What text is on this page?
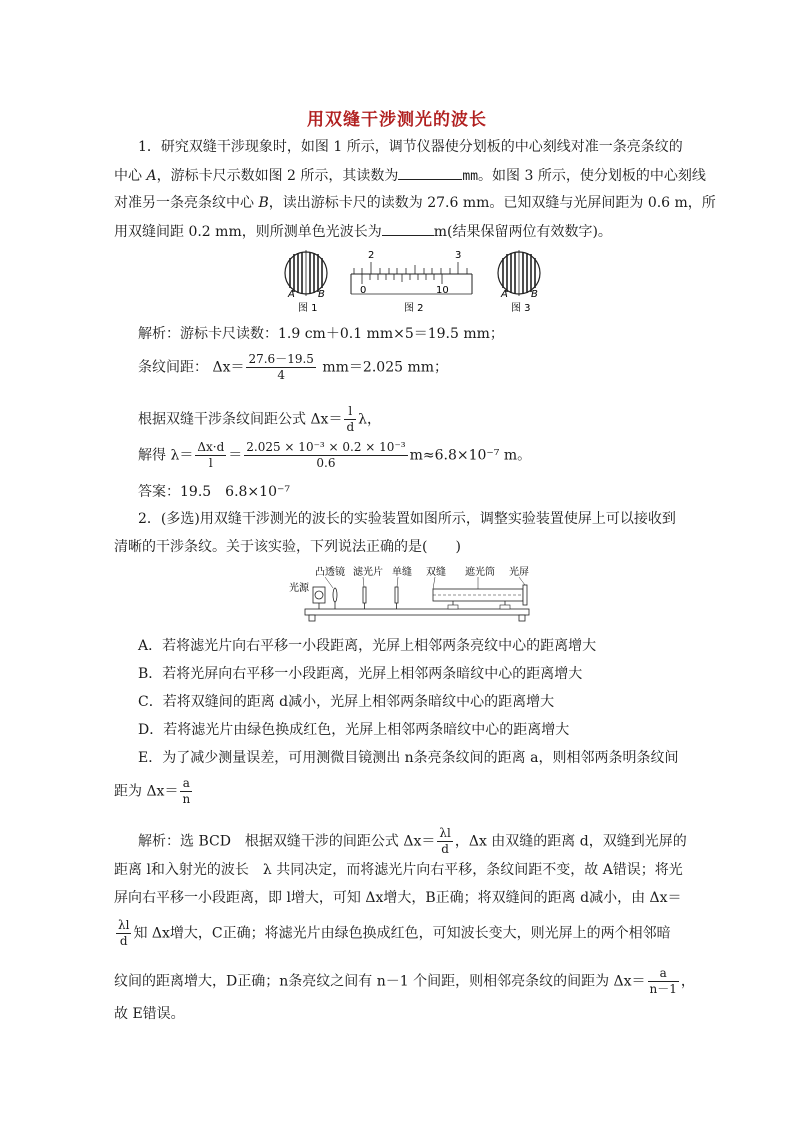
用双缝干涉测光的波长
1．研究双缝干涉现象时，如图 1 所示，调节仪器使分划板的中心刻线对准一条亮条纹的
中心 A，游标卡尺示数如图 2 所示，其读数为	mm。如图 3 所示，使分划板的中心刻线
对准另一条亮条纹中心 B，读出游标卡尺的读数为 27.6 mm。已知双缝与光屏间距为 0.6 m，所
用双缝间距 0.2 mm，则所测单色光波长为	m(结果保留两位有效数字)。
A B
图 1
2	3
0	10
图 2
A B
图 3
解析：游标卡尺读数：1.9 cm＋0.1 mm×5＝19.5 mm；
条纹间距： $\Delta x= \frac{27.6-19.5}{4} mm=2.025$ mm；
根据双缝干涉条纹间距公式 $\Delta x= \frac{l}{d}$ λ，
解得 $\lambda= \frac{\Delta x\cdot d}{l} = \frac{\text{2.025 × 10⁻³ × 0.2 × 10⁻³}}{0.6} m\approx 6.8\times 10^{-7}$ m。
答案：19.5　6.8×10⁻⁷
2．(多选)用双缝干涉测光的波长的实验装置如图所示，调整实验装置使屏上可以接收到
清晰的干涉条纹。关于该实验，下列说法正确的是(　　)
光源
凸透镜 滤光片 单缝 双缝 遮光筒 光屏
A．若将滤光片向右平移一小段距离，光屏上相邻两条亮纹中心的距离增大
B．若将光屏向右平移一小段距离，光屏上相邻两条暗纹中心的距离增大
C．若将双缝间的距离 d减小，光屏上相邻两条暗纹中心的距离增大
D．若将滤光片由绿色换成红色，光屏上相邻两条暗纹中心的距离增大
E．为了减少测量误差，可用测微目镜测出 n条亮条纹间的距离 a，则相邻两条明条纹间
距为 $\Delta x= \frac{a}{n}$
解析：选 BCD　根据双缝干涉的间距公式 $\Delta x= \frac{\lambda l}{d}$ ，Δx 由双缝的距离 d，双缝到光屏的
距离 l和入射光的波长　λ 共同决定，而将滤光片向右平移，条纹间距不变，故 A错误；将光
屏向右平移一小段距离，即 l增大，可知 Δx增大，B正确；将双缝间的距离 d减小，由 Δx＝
$\frac{\lambda l}{d}$ 知 Δx增大，C正确；将滤光片由绿色换成红色，可知波长变大，则光屏上的两个相邻暗
纹间的距离增大，D正确；n条亮纹之间有 n－1 个间距，则相邻亮条纹的间距为 $\Delta x= \frac{a}{n-1}$ ，
故 E错误。
